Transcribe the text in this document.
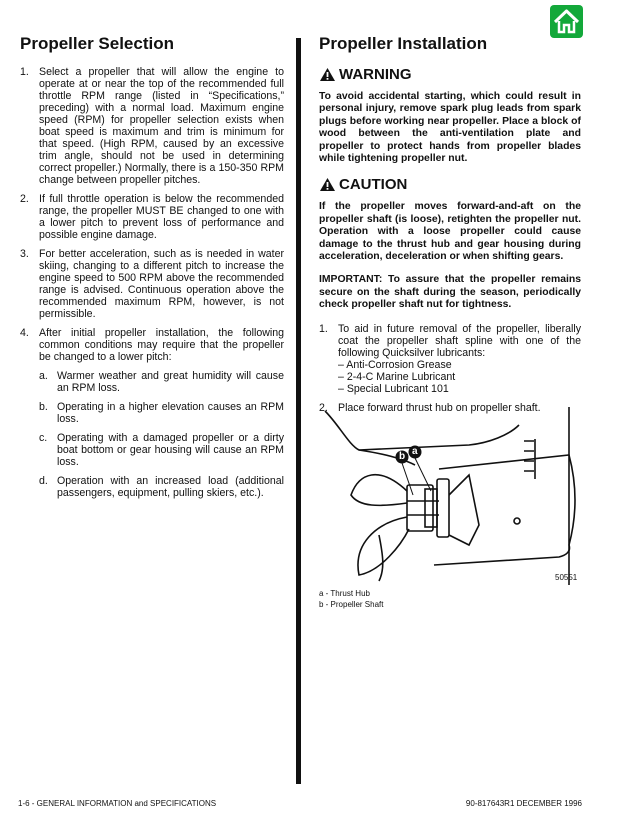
Propeller Selection
1. Select a propeller that will allow the engine to operate at or near the top of the recommended full throttle RPM range (listed in “Specifications,” preceding) with a normal load. Maximum engine speed (RPM) for propeller selection exists when boat speed is maximum and trim is minimum for that speed. (High RPM, caused by an excessive trim angle, should not be used in determining correct propeller.) Normally, there is a 150-350 RPM change between propeller pitches.
2. If full throttle operation is below the recommended range, the propeller MUST BE changed to one with a lower pitch to prevent loss of performance and possible engine damage.
3. For better acceleration, such as is needed in water skiing, changing to a different pitch to increase the engine speed to 500 RPM above the recommended range is advised. Continuous operation above the recommended maximum RPM, however, is not permissible.
4. After initial propeller installation, the following common conditions may require that the propeller be changed to a lower pitch:
a. Warmer weather and great humidity will cause an RPM loss.
b. Operating in a higher elevation causes an RPM loss.
c. Operating with a damaged propeller or a dirty boat bottom or gear housing will cause an RPM loss.
d. Operation with an increased load (additional passengers, equipment, pulling skiers, etc.).
Propeller Installation
WARNING

To avoid accidental starting, which could result in personal injury, remove spark plug leads from spark plugs before working near propeller. Place a block of wood between the anti-ventilation plate and propeller to protect hands from propeller blades while tightening propeller nut.

CAUTION

If the propeller moves forward-and-aft on the propeller shaft (is loose), retighten the propeller nut. Operation with a loose propeller could cause damage to the thrust hub and gear housing during acceleration, deceleration or when shifting gears.

IMPORTANT: To assure that the propeller remains secure on the shaft during the season, periodically check propeller shaft nut for tightness.

1. To aid in future removal of the propeller, liberally coat the propeller shaft spline with one of the following Quicksilver lubricants:
– Anti-Corrosion Grease
– 2-4-C Marine Lubricant
– Special Lubricant 101
2. Place forward thrust hub on propeller shaft.
a
b
50551
a - Thrust Hub
b - Propeller Shaft
1-6 - GENERAL INFORMATION and SPECIFICATIONS	90-817643R1 DECEMBER 1996
